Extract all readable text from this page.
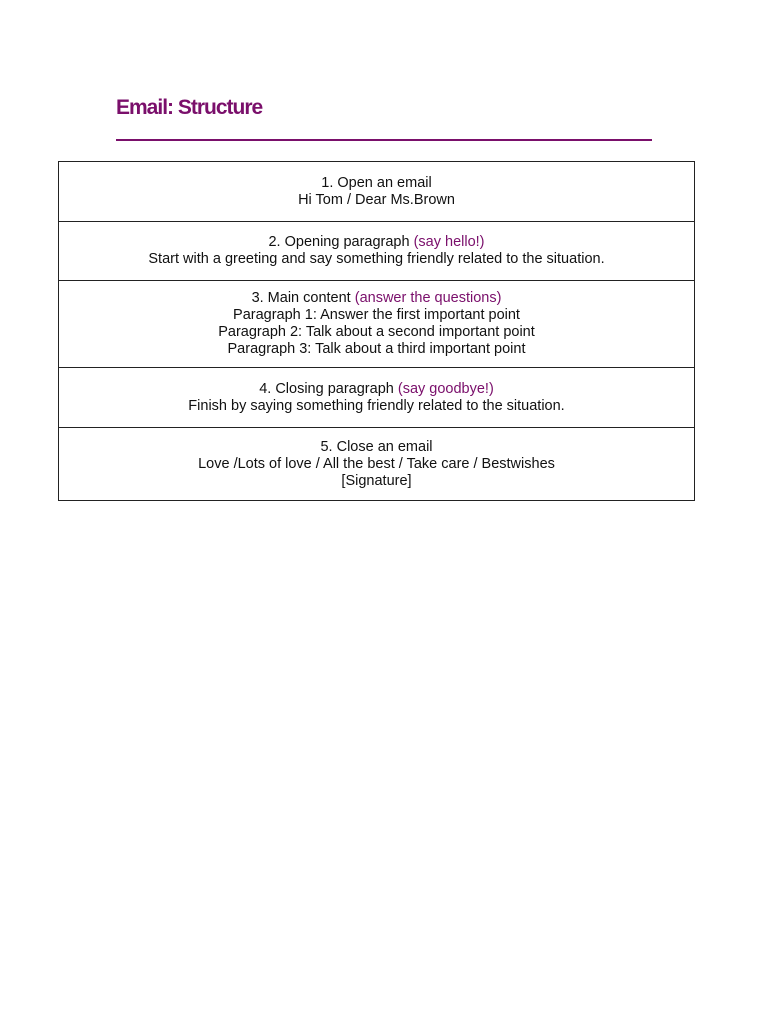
Email: Structure
1. Open an email
Hi Tom / Dear Ms.Brown

2. Opening paragraph (say hello!)
Start with a greeting and say something friendly related to the situation.

3. Main content (answer the questions)
Paragraph 1: Answer the first important point
Paragraph 2: Talk about a second important point
Paragraph 3: Talk about a third important point

4. Closing paragraph (say goodbye!)
Finish by saying something friendly related to the situation.

5. Close an email
Love /Lots of love / All the best / Take care / Bestwishes
[Signature]
